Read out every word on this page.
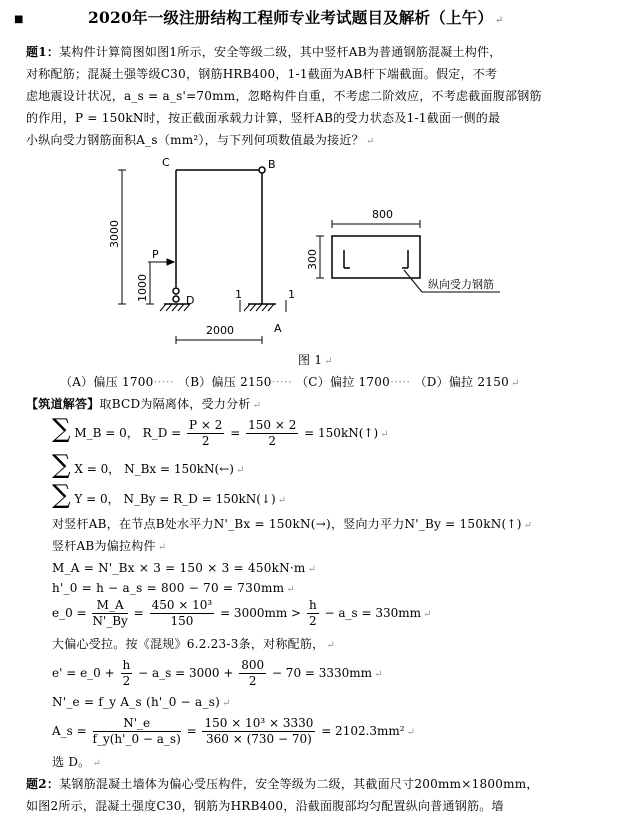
■	2020年一级注册结构工程师专业考试题目及解析（上午） ↵
题1：某构件计算简图如图1所示，安全等级二级，其中竖杆AB为普通钢筋混凝土构件，
对称配筋；混凝土强等级C30，钢筋HRB400，1-1截面为AB杆下端截面。假定，不考
虑地震设计状况，a_s = a_s'=70mm，忽略构件自重，不考虑二阶效应，不考虑截面腹部钢筋
的作用，P = 150kN时，按正截面承载力计算，竖杆AB的受力状态及1-1截面一侧的最
小纵向受力钢筋面积A_s（mm²），与下列何项数值最为接近？ ↵
C	B
D
A
P
1	1
2000
800
3000
1000
300
纵向受力钢筋
图 1 ↵
（A）偏压 1700····· （B）偏压 2150····· （C）偏拉 1700····· （D）偏拉 2150 ↵
【筑道解答】取BCD为隔离体，受力分析 ↵
∑ M_B = 0， R_D = $\frac{P \times 2}{2} = \frac{150 \times 2}{2}$ = 150kN(↑) ↵
∑ X = 0， N_Bx = 150kN(←) ↵
∑ Y = 0， N_By = R_D = 150kN(↓) ↵
对竖杆AB，在节点B处水平力N'_Bx = 150kN(→)，竖向力平力N'_By = 150kN(↑) ↵
竖杆AB为偏拉构件 ↵
M_A = N'_Bx × 3 = 150 × 3 = 450kN·m ↵
h'_0 = h − a_s = 800 − 70 = 730mm ↵
e_0 = $\frac{M\_A}{N'\_By} = \frac{\text{450 × 10³}}{150} = 3000mm > \frac{h}{2}$ − a_s = 330mm ↵
大偏心受拉。按《混规》6.2.23-3条，对称配筋， ↵
e' = e_0 + $\frac{h}{2}$ − a_s = $3000 + \frac{800}{2} - 70 = 3330mm$ ↵
N'_e = f_y A_s (h'_0 − a_s) ↵
A_s = $\frac{N'\_e}{f\_y(h'\_0 - a\_s)} = \frac{\text{150 × 10³ × 3330}}{360 \times (730 - 70)} = 2102.3mm^2$ ↵
选 D。 ↵
题2：某钢筋混凝土墙体为偏心受压构件，安全等级为二级，其截面尺寸200mm×1800mm，
如图2所示，混凝土强度C30，钢筋为HRB400，沿截面腹部均匀配置纵向普通钢筋。墙
